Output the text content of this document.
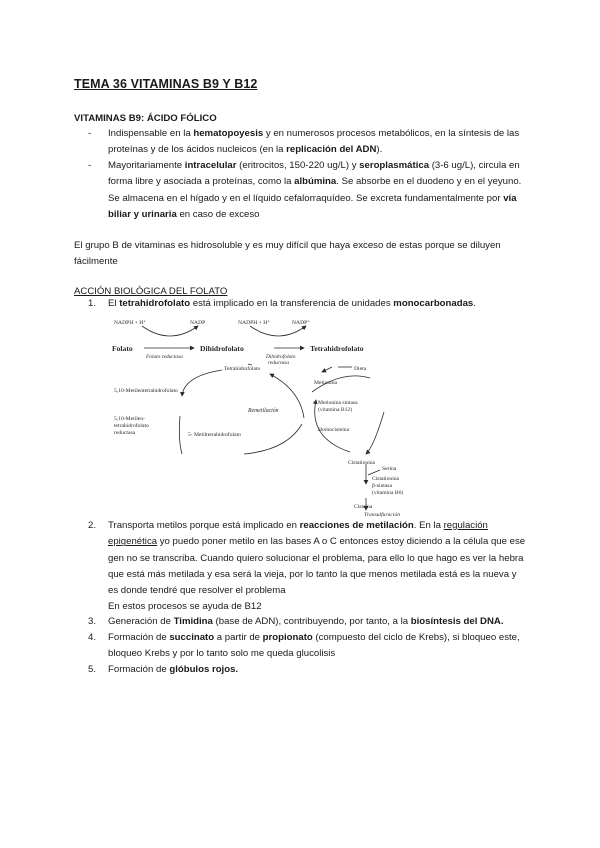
TEMA 36 VITAMINAS B9 Y B12
VITAMINAS B9: ÁCIDO FÓLICO
- Indispensable en la hematopoyesis y en numerosos procesos metabólicos, en la síntesis de las proteínas y de los ácidos nucleicos (en la replicación del ADN).
- Mayoritariamente intracelular (eritrocitos, 150-220 ug/L) y seroplasmática (3-6 ug/L), circula en forma libre y asociada a proteínas, como la albúmina. Se absorbe en el duodeno y en el yeyuno. Se almacena en el hígado y en el líquido cefalorraquídeo. Se excreta fundamentalmente por vía biliar y urinaria en caso de exceso
El grupo B de vitaminas es hidrosoluble y es muy difícil que haya exceso de estas porque se diluyen fácilmente
ACCIÓN BIOLÓGICA DEL FOLATO
1. El tetrahidrofolato está implicado en la transferencia de unidades monocarbonadas.
NADPH + H⁺	NADP	NADPH + H⁺	NADP⁺
Folato
Folato reductasa
Dihidrofolato
Dihidrofolato
reductasa
Tetrahidrofolato
Tetrahidrofolato
5,10-Metilentetrahidrofolato
5,10-Metilen-
tetrahidrofolato
reductasa
Remetilación
5- Metiltetrahidrofolato
Dieta
Metionina
Metionina sintasa
(vitamina B12)
Homocisteína
Serina
Cistationina
Cistationina
β-sintasa
(vitamina B6)
Cisteína
Transulfuración
2. Transporta metilos porque está implicado en reacciones de metilación. En la regulación epigenética yo puedo poner metilo en las bases A o C entonces estoy diciendo a la célula que ese gen no se transcriba. Cuando quiero solucionar el problema, para ello lo que hago es ver la hebra que está más metilada y esa será la vieja, por lo tanto la que menos metilada está es la nueva y es donde tendré que resolver el problema
En estos procesos se ayuda de B12
3. Generación de Timidina (base de ADN), contribuyendo, por tanto, a la biosíntesis del DNA.
4. Formación de succinato a partir de propionato (compuesto del ciclo de Krebs), si bloqueo este, bloqueo Krebs y por lo tanto solo me queda glucolisis
5. Formación de glóbulos rojos.
